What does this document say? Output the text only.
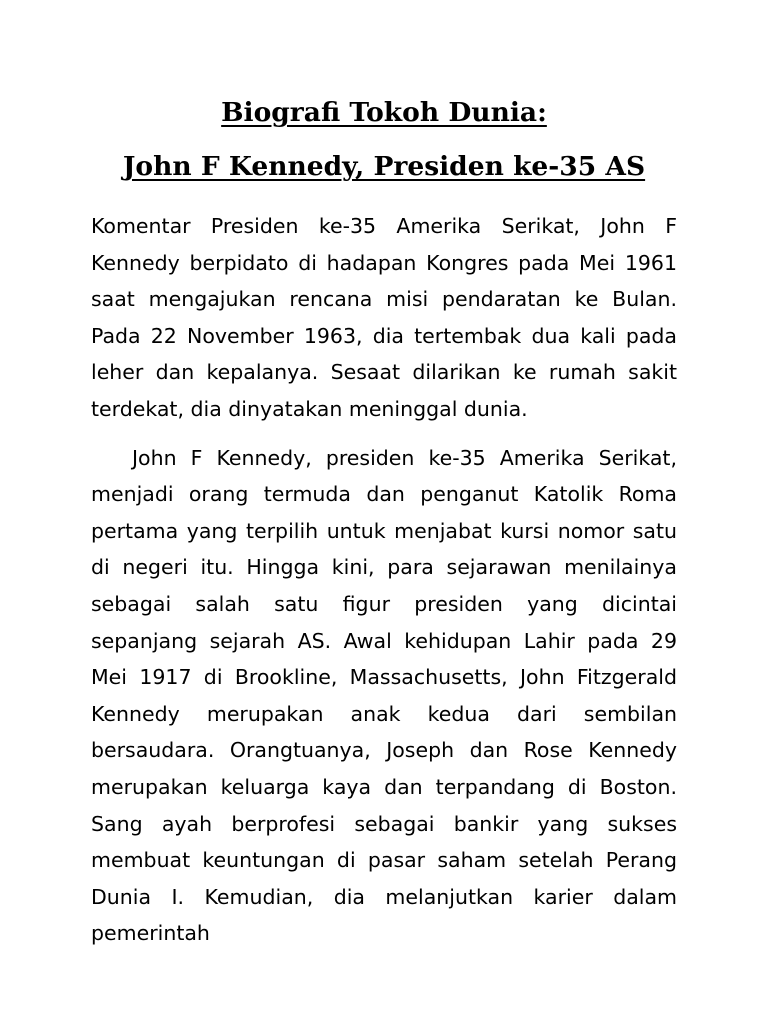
Biografi Tokoh Dunia:

John F Kennedy, Presiden ke-35 AS

Komentar Presiden ke-35 Amerika Serikat, John F Kennedy berpidato di hadapan Kongres pada Mei 1961 saat mengajukan rencana misi pendaratan ke Bulan. Pada 22 November 1963, dia tertembak dua kali pada leher dan kepalanya. Sesaat dilarikan ke rumah sakit terdekat, dia dinyatakan meninggal dunia.

John F Kennedy, presiden ke-35 Amerika Serikat, menjadi orang termuda dan penganut Katolik Roma pertama yang terpilih untuk menjabat kursi nomor satu di negeri itu. Hingga kini, para sejarawan menilainya sebagai salah satu figur presiden yang dicintai sepanjang sejarah AS. Awal kehidupan Lahir pada 29 Mei 1917 di Brookline, Massachusetts, John Fitzgerald Kennedy merupakan anak kedua dari sembilan bersaudara. Orangtuanya, Joseph dan Rose Kennedy merupakan keluarga kaya dan terpandang di Boston. Sang ayah berprofesi sebagai bankir yang sukses membuat keuntungan di pasar saham setelah Perang Dunia I. Kemudian, dia melanjutkan karier dalam pemerintah
